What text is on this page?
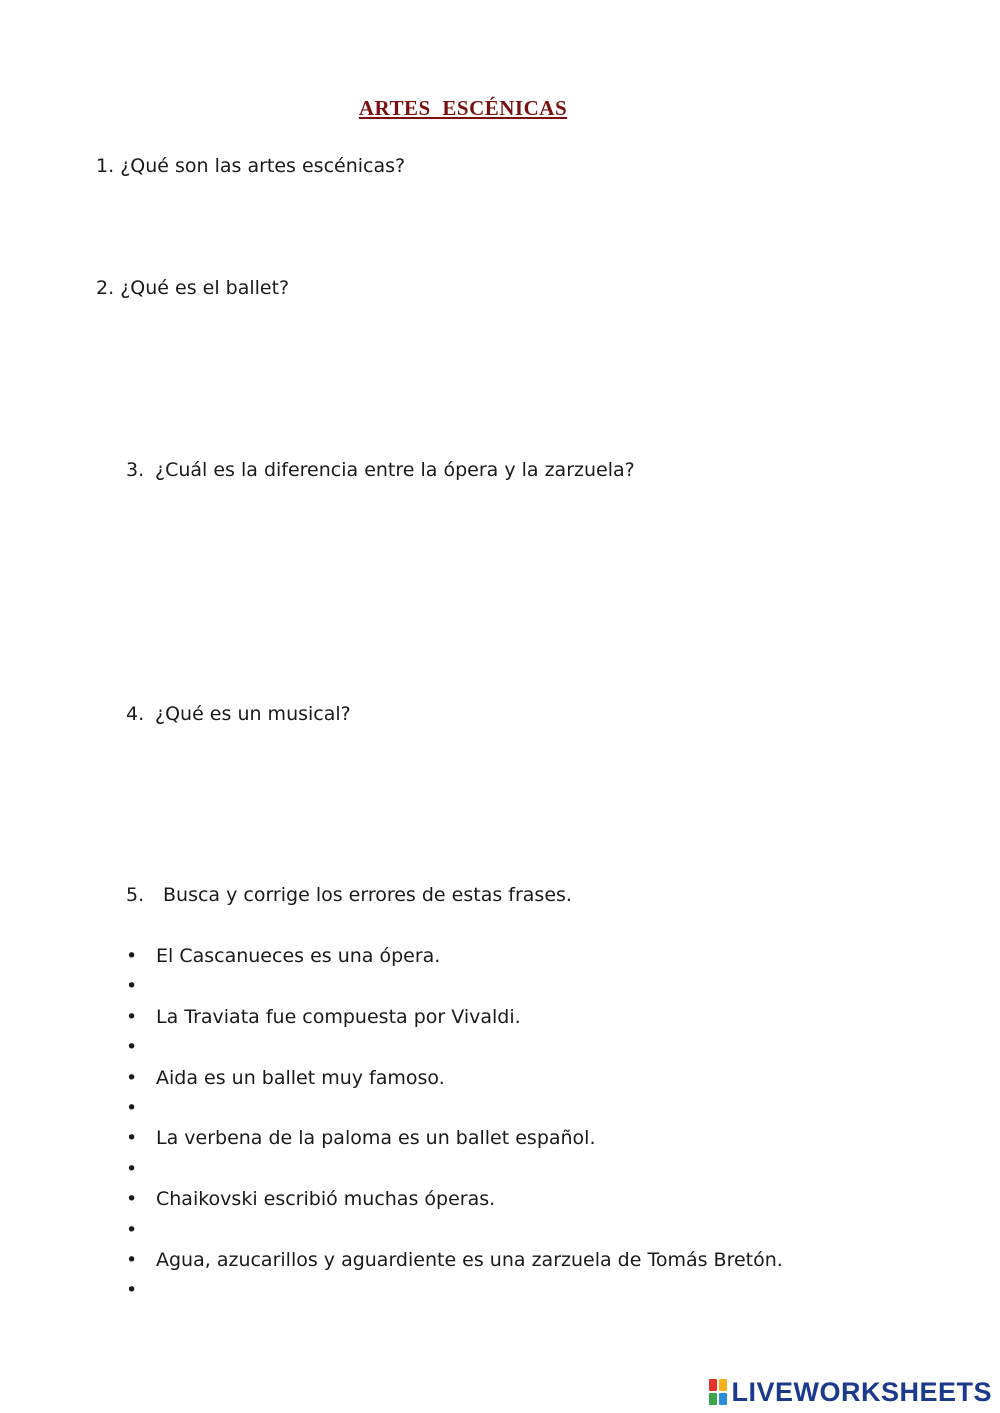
ARTES ESCÉNICAS
1. ¿Qué son las artes escénicas?
2. ¿Qué es el ballet?
3. ¿Cuál es la diferencia entre la ópera y la zarzuela?
4. ¿Qué es un musical?
5. Busca y corrige los errores de estas frases.
• El Cascanueces es una ópera.
•
• La Traviata fue compuesta por Vivaldi.
•
• Aida es un ballet muy famoso.
•
• La verbena de la paloma es un ballet español.
•
• Chaikovski escribió muchas óperas.
•
• Agua, azucarillos y aguardiente es una zarzuela de Tomás Bretón.
•
LIVEWORKSHEETS
